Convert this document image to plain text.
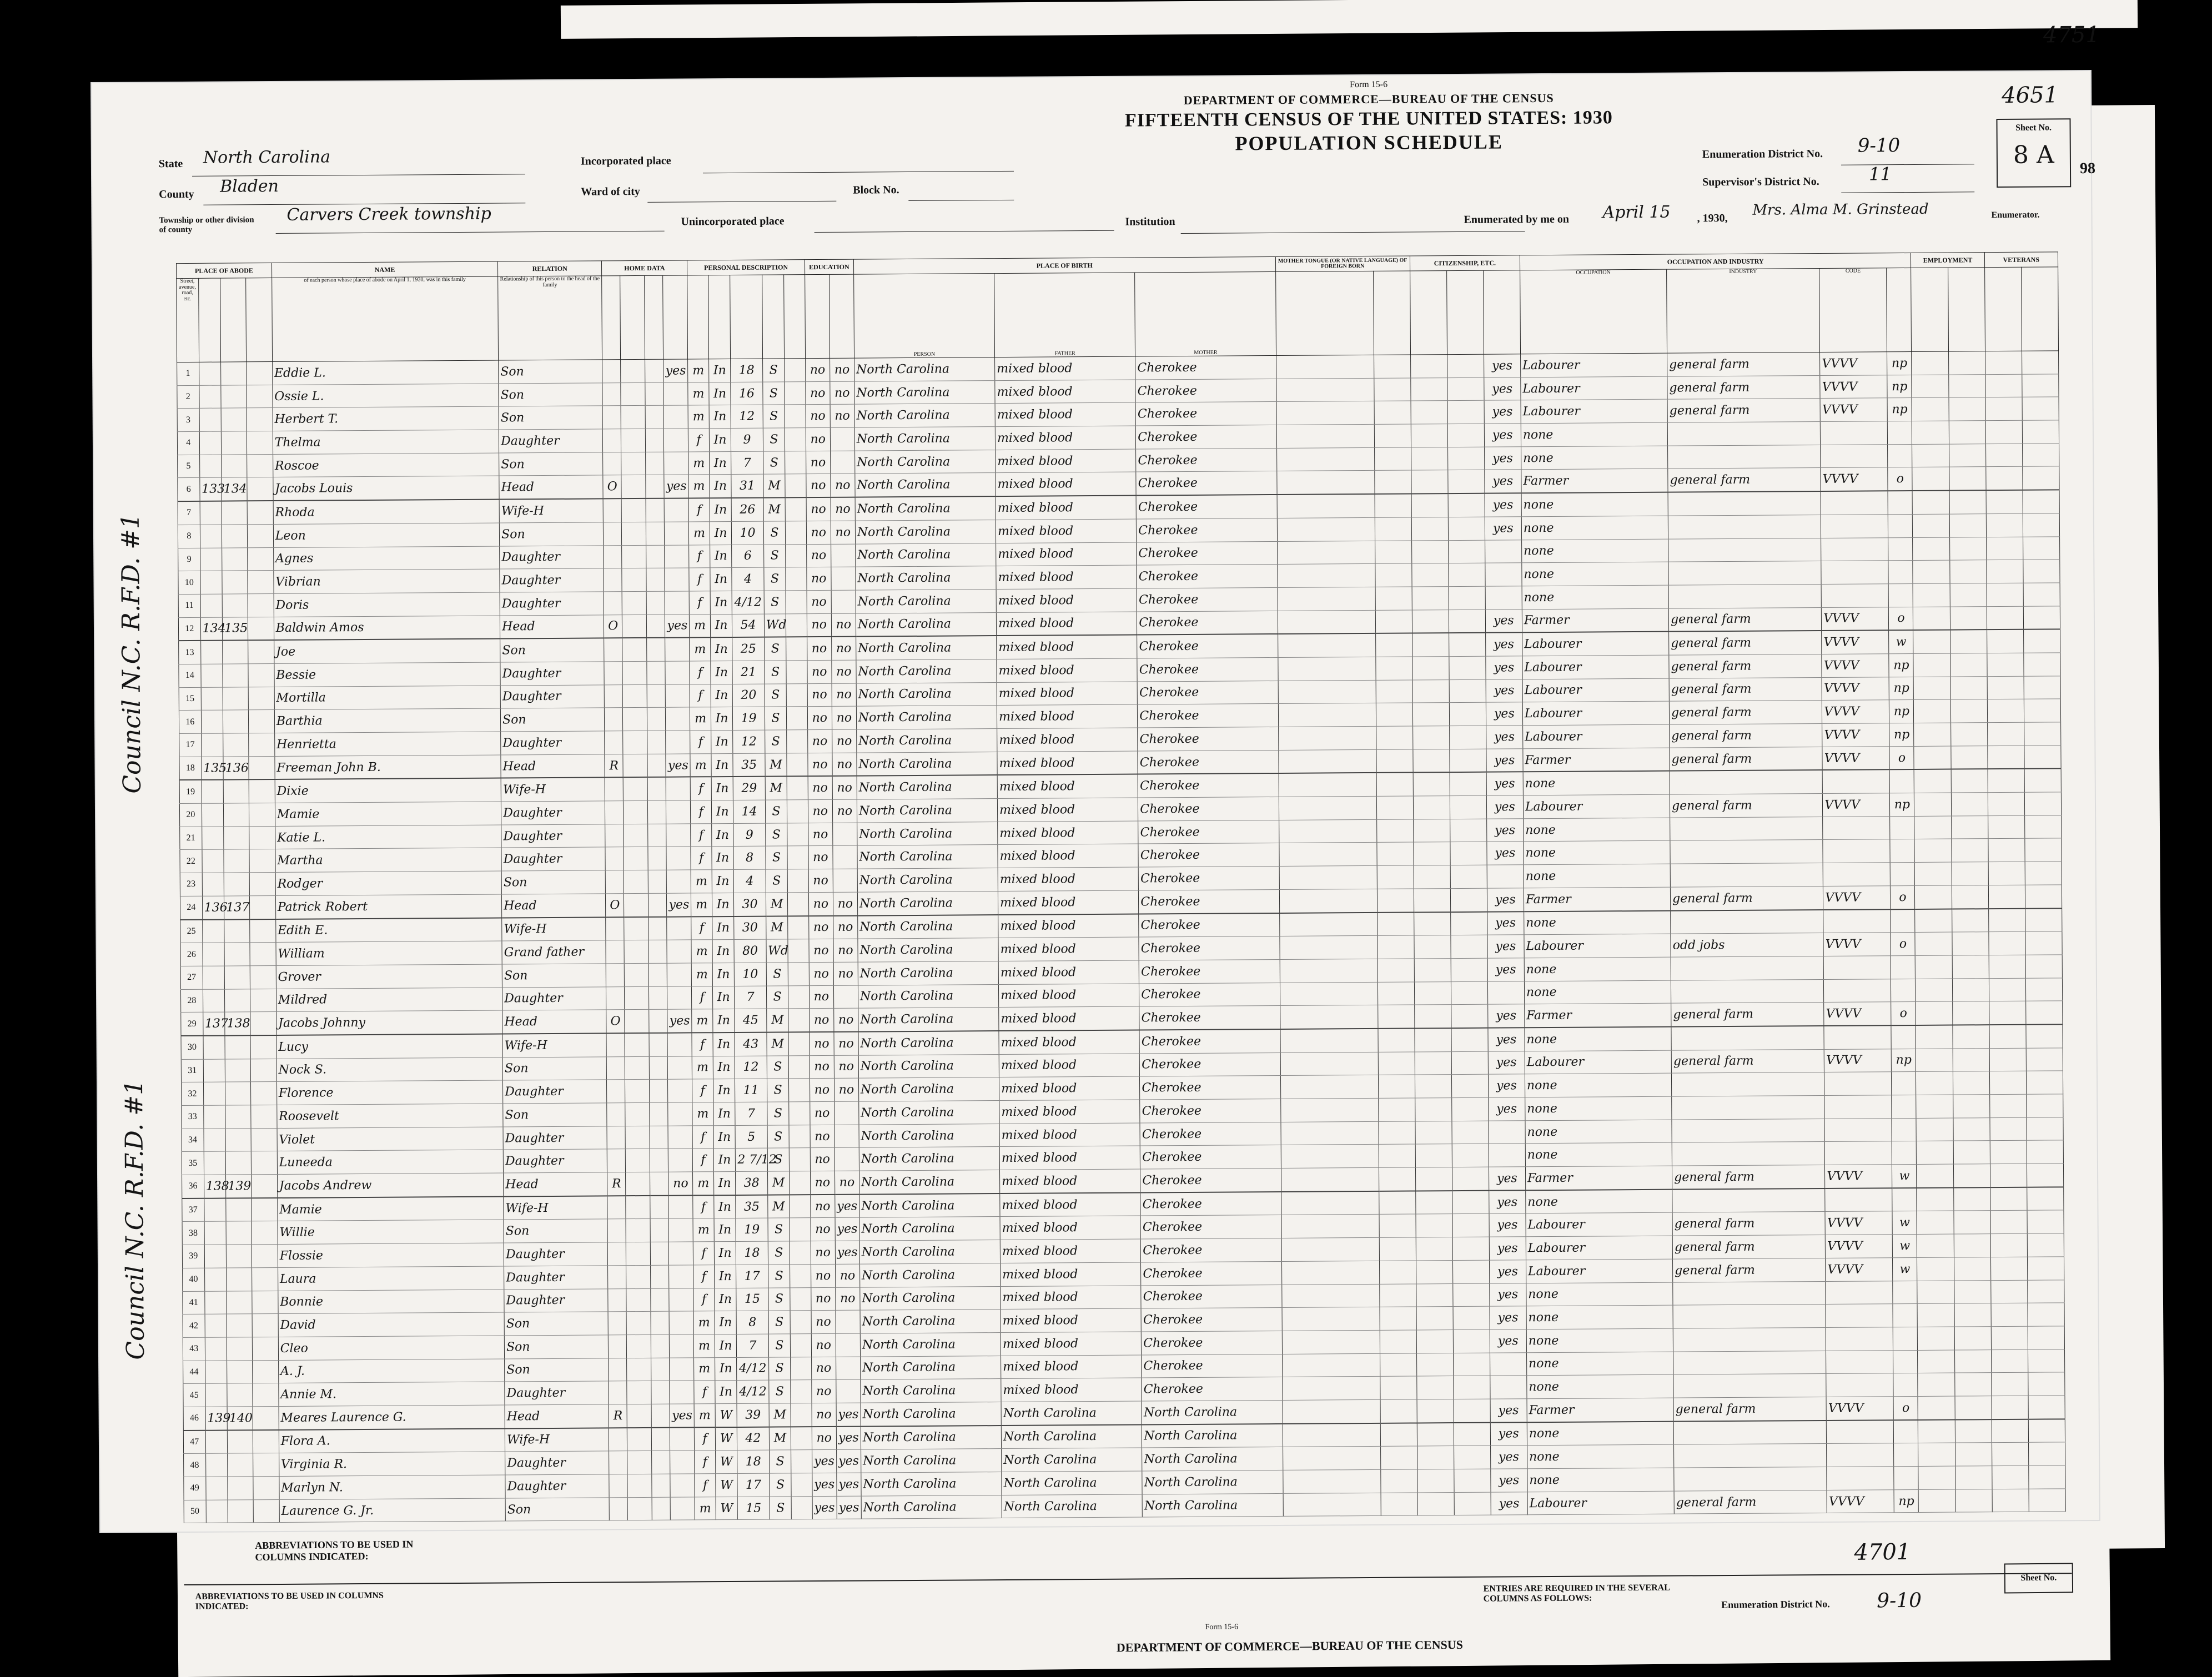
4751
ABBREVIATIONS TO BE USED IN COLUMNS INDICATED:
Form 15-6
DEPARTMENT OF COMMERCE—BUREAU OF THE CENSUS
Enumeration District No. 9-10
4701
Sheet No.
Form 15-6
DEPARTMENT OF COMMERCE—BUREAU OF THE CENSUS
FIFTEENTH CENSUS OF THE UNITED STATES: 1930
POPULATION SCHEDULE
State North Carolina
County Bladen
Township or other division of county
Carvers Creek township
Incorporated place
Ward of city	Block No.
Unincorporated place	Institution
Enumeration District No. 9-10
Supervisor's District No.	11
Enumerated by me on April 15 , 1930, Mrs. Alma M. Grinstead	Enumerator.
Sheet No.
8 A
4651
98
PLACE OF ABODE				NAME	RELATION	HOME DATA				PERSONAL DESCRIPTION					EDUCATION		PLACE OF BIRTH			MOTHER TONGUE (OR NATIVE LANGUAGE) OF FOREIGN BORN		CITIZENSHIP, ETC.			OCCUPATION AND INDUSTRY				EMPLOYMENT		VETERANS	
Street, avenue, road, etc.				of each person whose place of abode on April 1, 1930, was in this family	Relationship of this person to the head of the family												PERSON	FATHER	MOTHER						OCCUPATION	INDUSTRY	CODE					
1				Eddie L.	Son				yes	m	In	18	S		no	no	North Carolina	mixed blood	Cherokee					yes	Labourer	general farm	VVVV	np				
2				Ossie L.	Son					m	In	16	S		no	no	North Carolina	mixed blood	Cherokee					yes	Labourer	general farm	VVVV	np				
3				Herbert T.	Son					m	In	12	S		no	no	North Carolina	mixed blood	Cherokee					yes	Labourer	general farm	VVVV	np				
4				Thelma	Daughter					f	In	9	S		no		North Carolina	mixed blood	Cherokee					yes	none							
5				Roscoe	Son					m	In	7	S		no		North Carolina	mixed blood	Cherokee					yes	none							
6	133	134		Jacobs Louis	Head	O			yes	m	In	31	M		no	no	North Carolina	mixed blood	Cherokee					yes	Farmer	general farm	VVVV	o				
7				Rhoda	Wife-H					f	In	26	M		no	no	North Carolina	mixed blood	Cherokee					yes	none							
8				Leon	Son					m	In	10	S		no	no	North Carolina	mixed blood	Cherokee					yes	none							
9				Agnes	Daughter					f	In	6	S		no		North Carolina	mixed blood	Cherokee						none							
10				Vibrian	Daughter					f	In	4	S		no		North Carolina	mixed blood	Cherokee						none							
11				Doris	Daughter					f	In	4/12	S		no		North Carolina	mixed blood	Cherokee						none							
12	134	135		Baldwin Amos	Head	O			yes	m	In	54	Wd		no	no	North Carolina	mixed blood	Cherokee					yes	Farmer	general farm	VVVV	o				
13				Joe	Son					m	In	25	S		no	no	North Carolina	mixed blood	Cherokee					yes	Labourer	general farm	VVVV	w				
14				Bessie	Daughter					f	In	21	S		no	no	North Carolina	mixed blood	Cherokee					yes	Labourer	general farm	VVVV	np				
15				Mortilla	Daughter					f	In	20	S		no	no	North Carolina	mixed blood	Cherokee					yes	Labourer	general farm	VVVV	np				
16				Barthia	Son					m	In	19	S		no	no	North Carolina	mixed blood	Cherokee					yes	Labourer	general farm	VVVV	np				
17				Henrietta	Daughter					f	In	12	S		no	no	North Carolina	mixed blood	Cherokee					yes	Labourer	general farm	VVVV	np				
18	135	136		Freeman John B.	Head	R			yes	m	In	35	M		no	no	North Carolina	mixed blood	Cherokee					yes	Farmer	general farm	VVVV	o				
19				Dixie	Wife-H					f	In	29	M		no	no	North Carolina	mixed blood	Cherokee					yes	none							
20				Mamie	Daughter					f	In	14	S		no	no	North Carolina	mixed blood	Cherokee					yes	Labourer	general farm	VVVV	np				
21				Katie L.	Daughter					f	In	9	S		no		North Carolina	mixed blood	Cherokee					yes	none							
22				Martha	Daughter					f	In	8	S		no		North Carolina	mixed blood	Cherokee					yes	none							
23				Rodger	Son					m	In	4	S		no		North Carolina	mixed blood	Cherokee						none							
24	136	137		Patrick Robert	Head	O			yes	m	In	30	M		no	no	North Carolina	mixed blood	Cherokee					yes	Farmer	general farm	VVVV	o				
25				Edith E.	Wife-H					f	In	30	M		no	no	North Carolina	mixed blood	Cherokee					yes	none							
26				William	Grand father					m	In	80	Wd		no	no	North Carolina	mixed blood	Cherokee					yes	Labourer	odd jobs	VVVV	o				
27				Grover	Son					m	In	10	S		no	no	North Carolina	mixed blood	Cherokee					yes	none							
28				Mildred	Daughter					f	In	7	S		no		North Carolina	mixed blood	Cherokee						none							
29	137	138		Jacobs Johnny	Head	O			yes	m	In	45	M		no	no	North Carolina	mixed blood	Cherokee					yes	Farmer	general farm	VVVV	o				
30				Lucy	Wife-H					f	In	43	M		no	no	North Carolina	mixed blood	Cherokee					yes	none							
31				Nock S.	Son					m	In	12	S		no	no	North Carolina	mixed blood	Cherokee					yes	Labourer	general farm	VVVV	np				
32				Florence	Daughter					f	In	11	S		no	no	North Carolina	mixed blood	Cherokee					yes	none							
33				Roosevelt	Son					m	In	7	S		no		North Carolina	mixed blood	Cherokee					yes	none							
34				Violet	Daughter					f	In	5	S		no		North Carolina	mixed blood	Cherokee						none							
35				Luneeda	Daughter					f	In	2 7/12	S		no		North Carolina	mixed blood	Cherokee						none							
36	138	139		Jacobs Andrew	Head	R			no	m	In	38	M		no	no	North Carolina	mixed blood	Cherokee					yes	Farmer	general farm	VVVV	w				
37				Mamie	Wife-H					f	In	35	M		no	yes	North Carolina	mixed blood	Cherokee					yes	none							
38				Willie	Son					m	In	19	S		no	yes	North Carolina	mixed blood	Cherokee					yes	Labourer	general farm	VVVV	w				
39				Flossie	Daughter					f	In	18	S		no	yes	North Carolina	mixed blood	Cherokee					yes	Labourer	general farm	VVVV	w				
40				Laura	Daughter					f	In	17	S		no	no	North Carolina	mixed blood	Cherokee					yes	Labourer	general farm	VVVV	w				
41				Bonnie	Daughter					f	In	15	S		no	no	North Carolina	mixed blood	Cherokee					yes	none							
42				David	Son					m	In	8	S		no		North Carolina	mixed blood	Cherokee					yes	none							
43				Cleo	Son					m	In	7	S		no		North Carolina	mixed blood	Cherokee					yes	none							
44				A. J.	Son					m	In	4/12	S		no		North Carolina	mixed blood	Cherokee						none							
45				Annie M.	Daughter					f	In	4/12	S		no		North Carolina	mixed blood	Cherokee						none							
46	139	140		Meares Laurence G.	Head	R			yes	m	W	39	M		no	yes	North Carolina	North Carolina	North Carolina					yes	Farmer	general farm	VVVV	o				
47				Flora A.	Wife-H					f	W	42	M		no	yes	North Carolina	North Carolina	North Carolina					yes	none							
48				Virginia R.	Daughter					f	W	18	S		yes	yes	North Carolina	North Carolina	North Carolina					yes	none							
49				Marlyn N.	Daughter					f	W	17	S		yes	yes	North Carolina	North Carolina	North Carolina					yes	none							
50				Laurence G. Jr.	Son					m	W	15	S		yes	yes	North Carolina	North Carolina	North Carolina					yes	Labourer	general farm	VVVV	np				
Council N.C. R.F.D. #1
Council N.C. R.F.D. #1
ABBREVIATIONS TO BE USED IN COLUMNS INDICATED:
ENTRIES ARE REQUIRED IN THE SEVERAL COLUMNS AS FOLLOWS:
